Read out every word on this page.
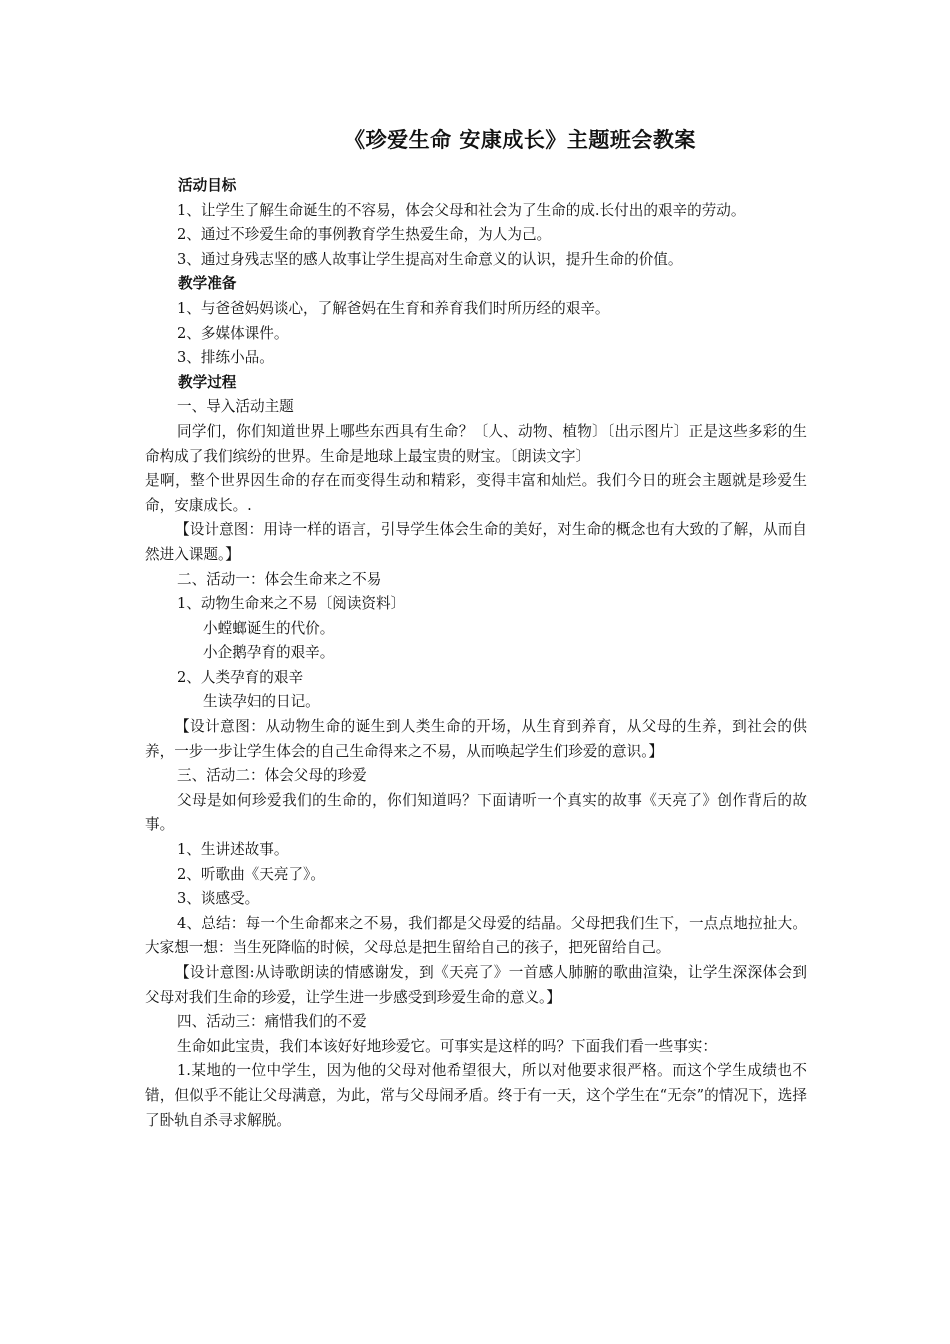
《珍爱生命 安康成长》主题班会教案

活动目标

1、让学生了解生命诞生的不容易，体会父母和社会为了生命的成.长付出的艰辛的劳动。

2、通过不珍爱生命的事例教育学生热爱生命，为人为己。

3、通过身残志坚的感人故事让学生提高对生命意义的认识，提升生命的价值。

教学准备

1、与爸爸妈妈谈心，了解爸妈在生育和养育我们时所历经的艰辛。

2、多媒体课件。

3、排练小品。

教学过程

一、导入活动主题

同学们，你们知道世界上哪些东西具有生命？〔人、动物、植物〕〔出示图片〕正是这些多彩的生命构成了我们缤纷的世界。生命是地球上最宝贵的财宝。〔朗读文字〕

是啊，整个世界因生命的存在而变得生动和精彩，变得丰富和灿烂。我们今日的班会主题就是珍爱生命，安康成长。.

【设计意图：用诗一样的语言，引导学生体会生命的美好，对生命的概念也有大致的了解，从而自然进入课题。】

二、活动一：体会生命来之不易

1、动物生命来之不易〔阅读资料〕

小螳螂诞生的代价。

小企鹅孕育的艰辛。

2、人类孕育的艰辛

生读孕妇的日记。

【设计意图：从动物生命的诞生到人类生命的开场，从生育到养育，从父母的生养，到社会的供养，一步一步让学生体会的自己生命得来之不易，从而唤起学生们珍爱的意识。】

三、活动二：体会父母的珍爱

父母是如何珍爱我们的生命的，你们知道吗？下面请听一个真实的故事《天亮了》创作背后的故事。

1、生讲述故事。

2、听歌曲《天亮了》。

3、谈感受。

4、总结：每一个生命都来之不易，我们都是父母爱的结晶。父母把我们生下，一点点地拉扯大。大家想一想：当生死降临的时候，父母总是把生留给自己的孩子，把死留给自己。

【设计意图:从诗歌朗读的情感谢发，到《天亮了》一首感人肺腑的歌曲渲染，让学生深深体会到父母对我们生命的珍爱，让学生进一步感受到珍爱生命的意义。】

四、活动三：痛惜我们的不爱

生命如此宝贵，我们本该好好地珍爱它。可事实是这样的吗？下面我们看一些事实：

1.某地的一位中学生，因为他的父母对他希望很大，所以对他要求很严格。而这个学生成绩也不错，但似乎不能让父母满意，为此，常与父母闹矛盾。终于有一天，这个学生在“无奈”的情况下，选择了卧轨自杀寻求解脱。
